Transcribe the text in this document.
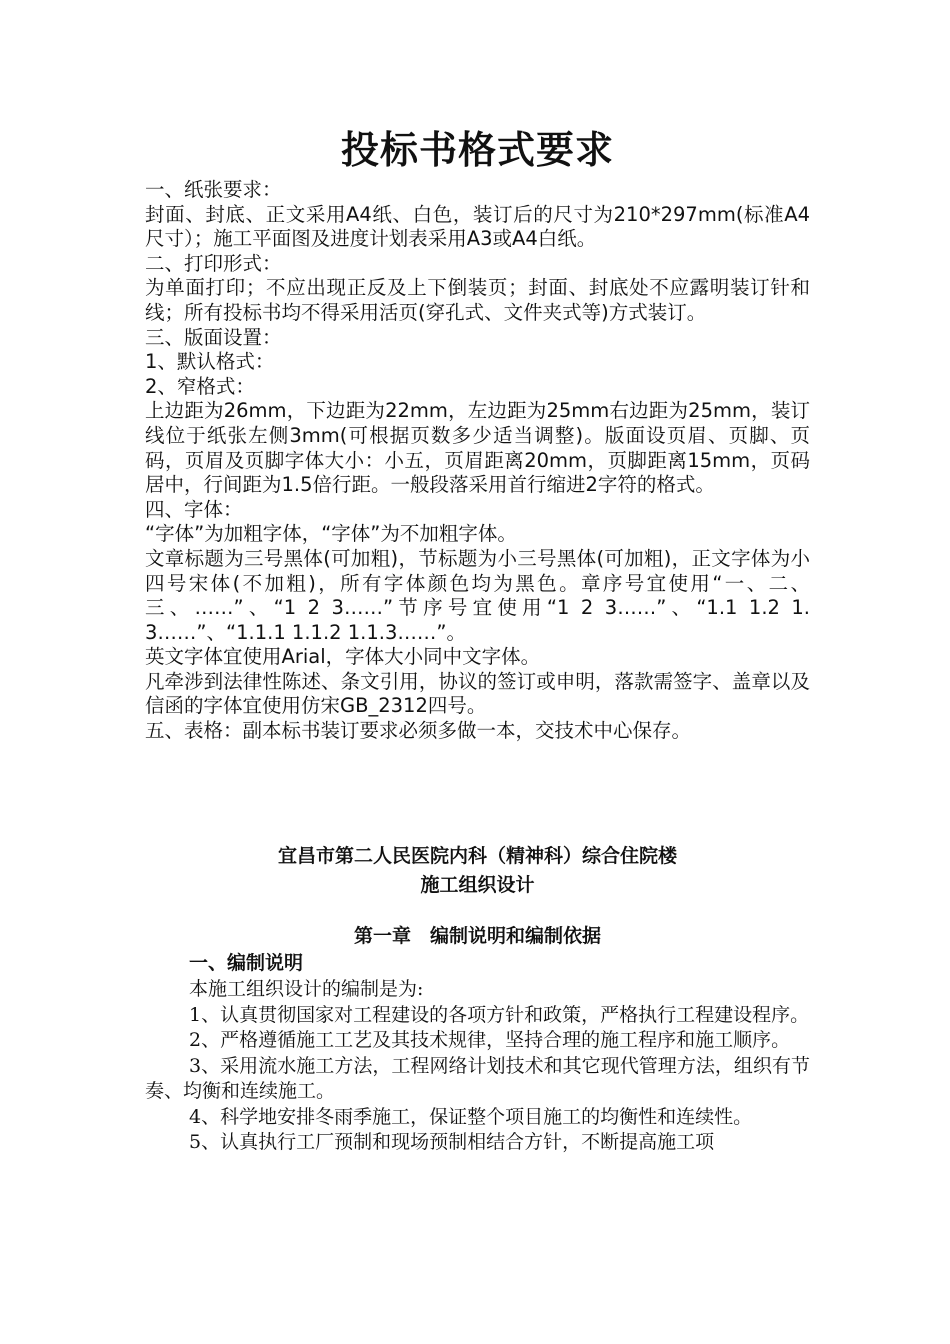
投标书格式要求

一、纸张要求：

封面、封底、正文采用A4纸、白色，装订后的尺寸为210*297mm(标准A4尺寸）；施工平面图及进度计划表采用A3或A4白纸。

二、打印形式：

为单面打印；不应出现正反及上下倒装页；封面、封底处不应露明装订针和线；所有投标书均不得采用活页(穿孔式、文件夹式等)方式装订。

三、版面设置：

1、默认格式：

2、窄格式：

上边距为26mm，下边距为22mm，左边距为25mm右边距为25mm，装订线位于纸张左侧3mm(可根据页数多少适当调整)。版面设页眉、页脚、页码，页眉及页脚字体大小：小五，页眉距离20mm，页脚距离15mm，页码居中，行间距为1.5倍行距。一般段落采用首行缩进2字符的格式。

四、字体：

“字体”为加粗字体，“字体”为不加粗字体。

文章标题为三号黑体(可加粗)，节标题为小三号黑体(可加粗)，正文字体为小四号宋体(不加粗)，所有字体颜色均为黑色。章序号宜使用“一、二、三、……”、“1 2 3……”节序号宜使用“1 2 3……”、“1.1 1.2 1.3……”、“1.1.1 1.1.2 1.1.3……”。

英文字体宜使用Arial，字体大小同中文字体。

凡牵涉到法律性陈述、条文引用，协议的签订或申明，落款需签字、盖章以及信函的字体宜使用仿宋GB_2312四号。

五、表格：副本标书装订要求必须多做一本，交技术中心保存。

宜昌市第二人民医院内科（精神科）综合住院楼

施工组织设计

第一章　编制说明和编制依据

一、编制说明

本施工组织设计的编制是为:

1、认真贯彻国家对工程建设的各项方针和政策，严格执行工程建设程序。

2、严格遵循施工工艺及其技术规律，坚持合理的施工程序和施工顺序。

3、采用流水施工方法，工程网络计划技术和其它现代管理方法，组织有节奏、均衡和连续施工。

4、科学地安排冬雨季施工，保证整个项目施工的均衡性和连续性。

5、认真执行工厂预制和现场预制相结合方针，不断提高施工项
